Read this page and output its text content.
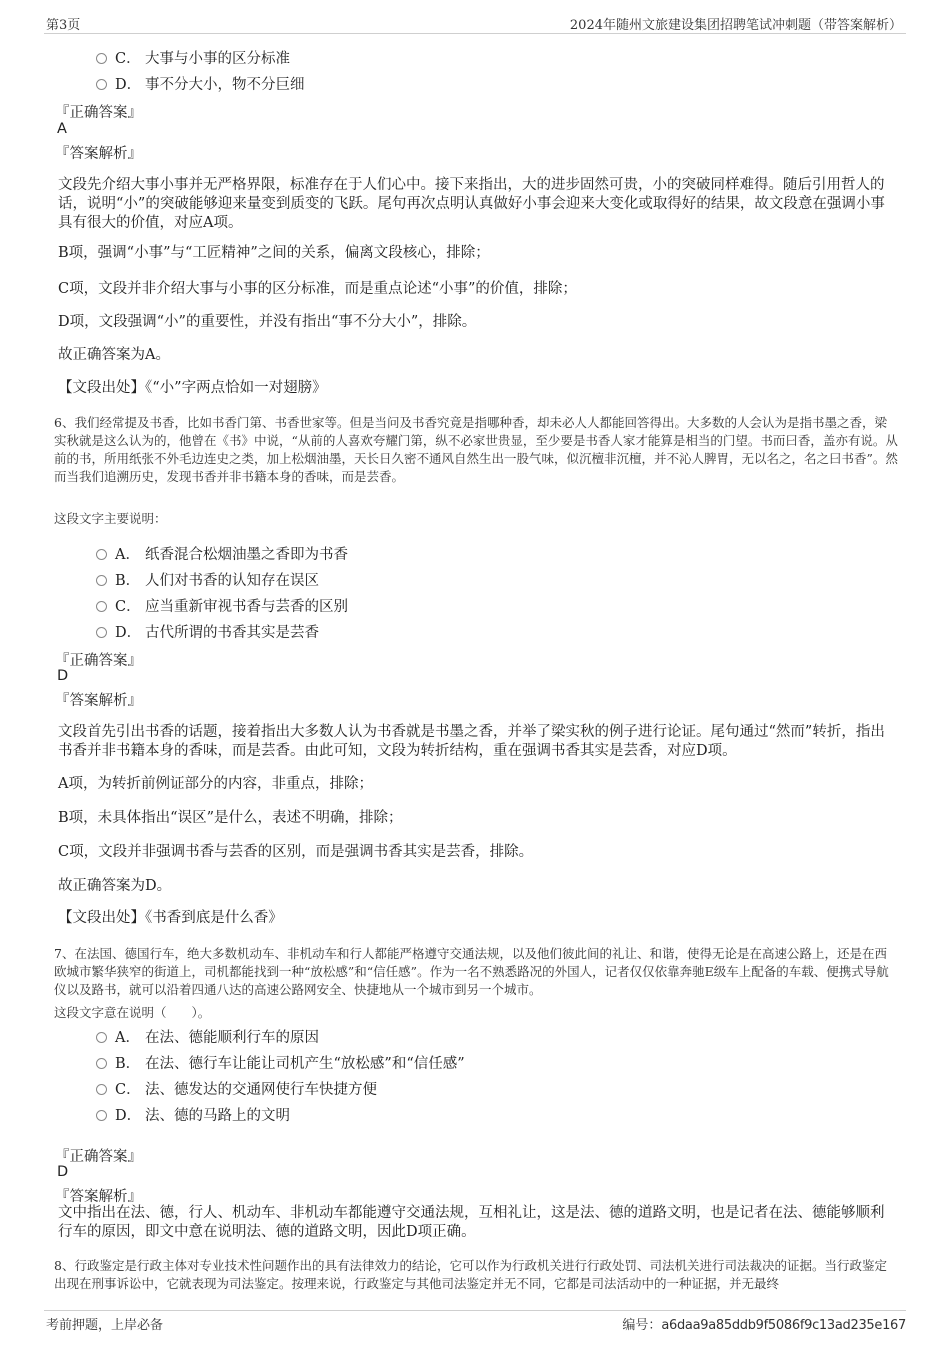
第3页	2024年随州文旅建设集团招聘笔试冲刺题（带答案解析）
C． 大事与小事的区分标准
D． 事不分大小，物不分巨细
『正确答案』
A
『答案解析』
文段先介绍大事小事并无严格界限，标准存在于人们心中。接下来指出，大的进步固然可贵，小的突破同样难得。随后引用哲人的话，说明“小”的突破能够迎来量变到质变的飞跃。尾句再次点明认真做好小事会迎来大变化或取得好的结果，故文段意在强调小事具有很大的价值，对应A项。
B项，强调“小事”与“工匠精神”之间的关系，偏离文段核心，排除；
C项，文段并非介绍大事与小事的区分标准，而是重点论述“小事”的价值，排除；
D项，文段强调“小”的重要性，并没有指出“事不分大小”，排除。
故正确答案为A。
【文段出处】《“小”字两点恰如一对翅膀》
6、我们经常提及书香，比如书香门第、书香世家等。但是当问及书香究竟是指哪种香，却未必人人都能回答得出。大多数的人会认为是指书墨之香，梁实秋就是这么认为的，他曾在《书》中说，“从前的人喜欢夸耀门第，纵不必家世贵显，至少要是书香人家才能算是相当的门望。书而曰香，盖亦有说。从前的书，所用纸张不外毛边连史之类，加上松烟油墨，天长日久密不通风自然生出一股气味，似沉檀非沉檀，并不沁人脾胃，无以名之，名之曰书香”。然而当我们追溯历史，发现书香并非书籍本身的香味，而是芸香。
这段文字主要说明：
A． 纸香混合松烟油墨之香即为书香
B． 人们对书香的认知存在误区
C． 应当重新审视书香与芸香的区别
D． 古代所谓的书香其实是芸香
『正确答案』
D
『答案解析』
文段首先引出书香的话题，接着指出大多数人认为书香就是书墨之香，并举了梁实秋的例子进行论证。尾句通过“然而”转折，指出书香并非书籍本身的香味，而是芸香。由此可知，文段为转折结构，重在强调书香其实是芸香，对应D项。
A项，为转折前例证部分的内容，非重点，排除；
B项，未具体指出“误区”是什么，表述不明确，排除；
C项，文段并非强调书香与芸香的区别，而是强调书香其实是芸香，排除。
故正确答案为D。
【文段出处】《书香到底是什么香》
7、在法国、德国行车，绝大多数机动车、非机动车和行人都能严格遵守交通法规，以及他们彼此间的礼让、和谐，使得无论是在高速公路上，还是在西欧城市繁华狭窄的街道上，司机都能找到一种“放松感”和“信任感”。作为一名不熟悉路况的外国人，记者仅仅依靠奔驰E级车上配备的车载、便携式导航仪以及路书，就可以沿着四通八达的高速公路网安全、快捷地从一个城市到另一个城市。
这段文字意在说明（　　）。
A． 在法、德能顺利行车的原因
B． 在法、德行车让能让司机产生“放松感”和“信任感”
C． 法、德发达的交通网使行车快捷方便
D． 法、德的马路上的文明
『正确答案』
D
『答案解析』
文中指出在法、德，行人、机动车、非机动车都能遵守交通法规，互相礼让，这是法、德的道路文明，也是记者在法、德能够顺利行车的原因，即文中意在说明法、德的道路文明，因此D项正确。
8、行政鉴定是行政主体对专业技术性问题作出的具有法律效力的结论，它可以作为行政机关进行行政处罚、司法机关进行司法裁决的证据。当行政鉴定出现在刑事诉讼中，它就表现为司法鉴定。按理来说，行政鉴定与其他司法鉴定并无不同，它都是司法活动中的一种证据，并无最终
考前押题，上岸必备	编号：a6daa9a85ddb9f5086f9c13ad235e167
